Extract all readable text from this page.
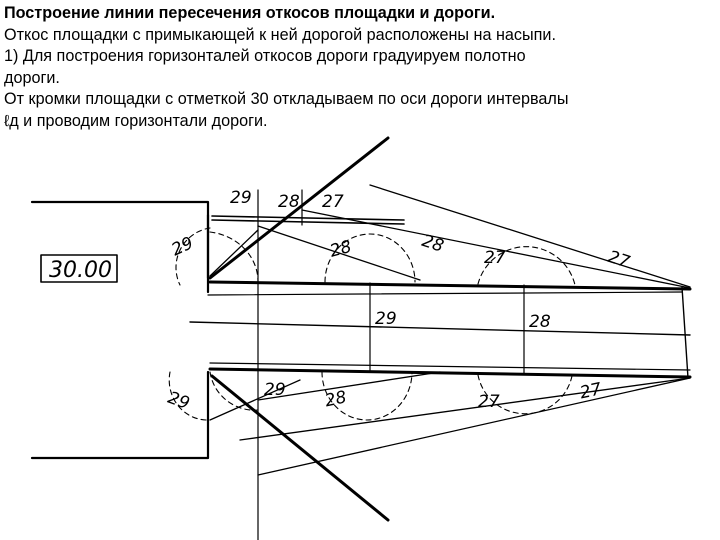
Построение линии пересечения откосов площадки и дороги.

Откос площадки с примыкающей к ней дорогой расположены на насыпи.

1) Для построения горизонталей откосов дороги градуируем полотно

дороги.

От кромки площадки с отметкой 30 откладываем по оси дороги интервалы

ℓд и проводим горизонтали дороги.

30.00
29
29
29 28 27
28	28
27	27
29	28
29 28	27	27
